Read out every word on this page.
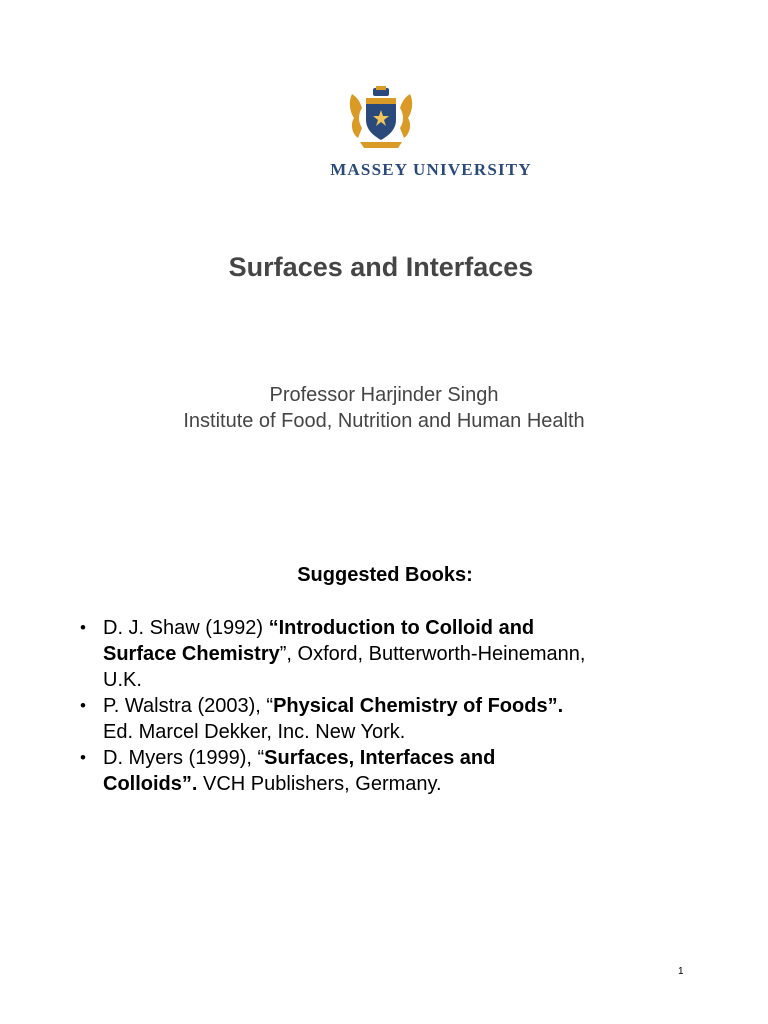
MASSEY UNIVERSITY
Surfaces and Interfaces
Professor Harjinder Singh
Institute of Food, Nutrition and Human Health
Suggested Books:
• D. J. Shaw (1992) “Introduction to Colloid and
Surface Chemistry”, Oxford, Butterworth-Heinemann,
U.K.
• P. Walstra (2003), “Physical Chemistry of Foods”.
Ed. Marcel Dekker, Inc. New York.
• D. Myers (1999), “Surfaces, Interfaces and
Colloids”. VCH Publishers, Germany.
1
